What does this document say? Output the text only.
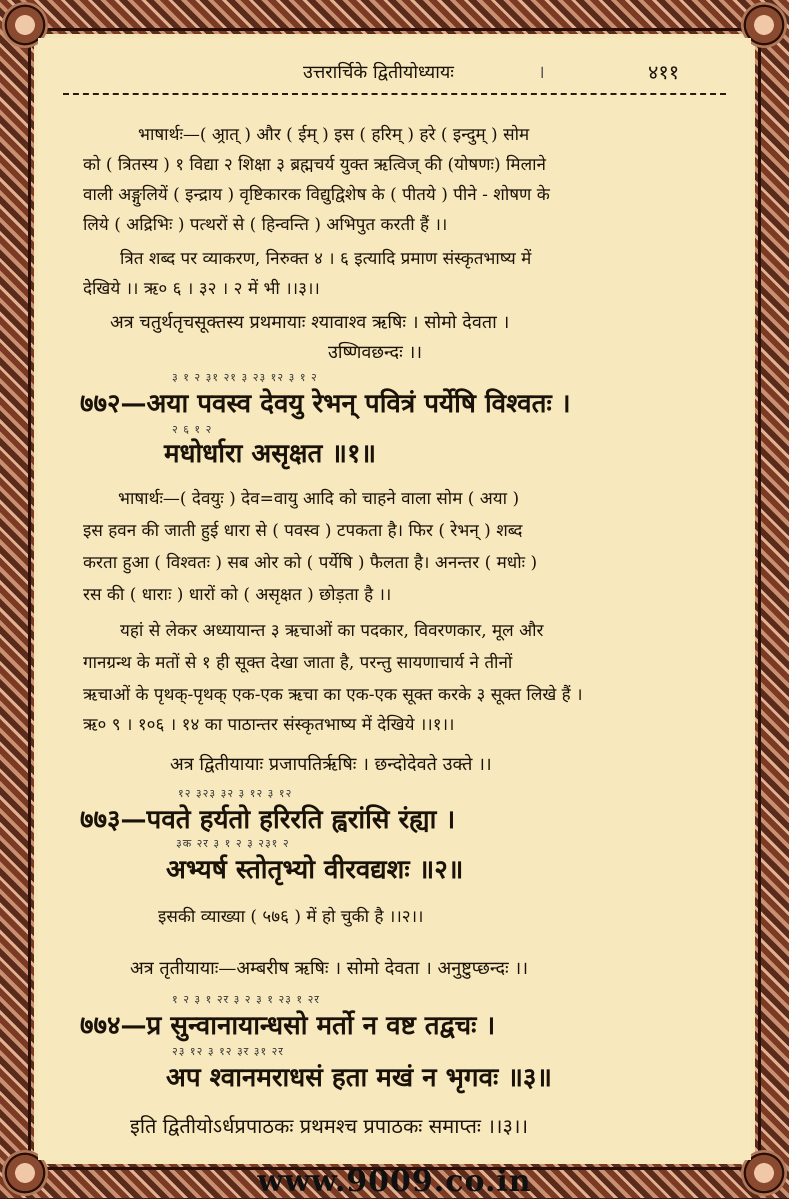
उत्तरार्चिके द्वितीयोध्यायः	।	४११
भाषार्थः—( अ्रात् ) और ( ईम् ) इस ( हरिम् ) हरे ( इन्दुम् ) सोम
को ( त्रितस्य ) १ विद्या २ शिक्षा ३ ब्रह्मचर्य युक्त ऋत्विज् की (योषणः) मिलाने
वाली अङ्गुलियें ( इन्द्राय ) वृष्टिकारक विद्युद्विशेष के ( पीतये ) पीने - शोषण के
लिये ( अद्रिभिः ) पत्थरों से ( हिन्वन्ति ) अभिपुत करती हैं ।।
त्रित शब्द पर व्याकरण, निरुक्त ४ । ६ इत्यादि प्रमाण संस्कृतभाष्य में
देखिये ।। ऋ० ६ । ३२ । २ में भी ।।३।।
अत्र चतुर्थतृचसूक्तस्य प्रथमायाः श्यावाश्व ऋषिः । सोमो देवता ।
उष्णिवछन्दः ।।
३ १ २ ३१ २१ ३ २३ १२ ३ १ २
७७२—अया पवस्व देवयु रेभन् पवित्रं पर्येषि विश्वतः ।
२ ६ १ २
मधोर्धारा असृक्षत ॥१॥
भाषार्थः—( देवयुः ) देव=वायु आदि को चाहने वाला सोम ( अया )
इस हवन की जाती हुई धारा से ( पवस्व ) टपकता है। फिर ( रेभन् ) शब्द
करता हुआ ( विश्वतः ) सब ओर को ( पर्येषि ) फैलता है। अनन्तर ( मधोः )
रस की ( धाराः ) धारों को ( असृक्षत ) छोड़ता है ।।
यहां से लेकर अध्यायान्त ३ ऋचाओं का पदकार, विवरणकार, मूल और
गानग्रन्थ के मतों से १ ही सूक्त देखा जाता है, परन्तु सायणाचार्य ने तीनों
ऋचाओं के पृथक्-पृथक् एक-एक ऋचा का एक-एक सूक्त करके ३ सूक्त लिखे हैं ।
ऋ० ९ । १०६ । १४ का पाठान्तर संस्कृतभाष्य में देखिये ।।१।।
अत्र द्वितीयायाः प्रजापतिर्ऋषिः । छन्दोदेवते उक्ते ।।
१२ ३२३ ३२ ३ १२ ३ १२
७७३—पवते हर्यतो हरिरति ह्वरांसि रंह्या ।
३क २र ३ १ २ ३ २३१ २
अभ्यर्ष स्तोतृभ्यो वीरवद्यशः ॥२॥
इसकी व्याख्या ( ५७६ ) में हो चुकी है ।।२।।
अत्र तृतीयायाः—अम्बरीष ऋषिः । सोमो देवता । अनुष्टुप्छन्दः ।।
१ २ ३ १ २र ३ २ ३ १ २३ १ २र
७७४—प्र सुन्वानायान्धसो मर्तो न वष्ट तद्वचः ।
२३ १२ ३ १२ ३र ३१ २र
अप श्वानमराधसं हता मखं न भृगवः ॥३॥
इति द्वितीयोऽर्धप्रपाठकः प्रथमश्च प्रपाठकः समाप्तः ।।३।।
www.9009.co.in
